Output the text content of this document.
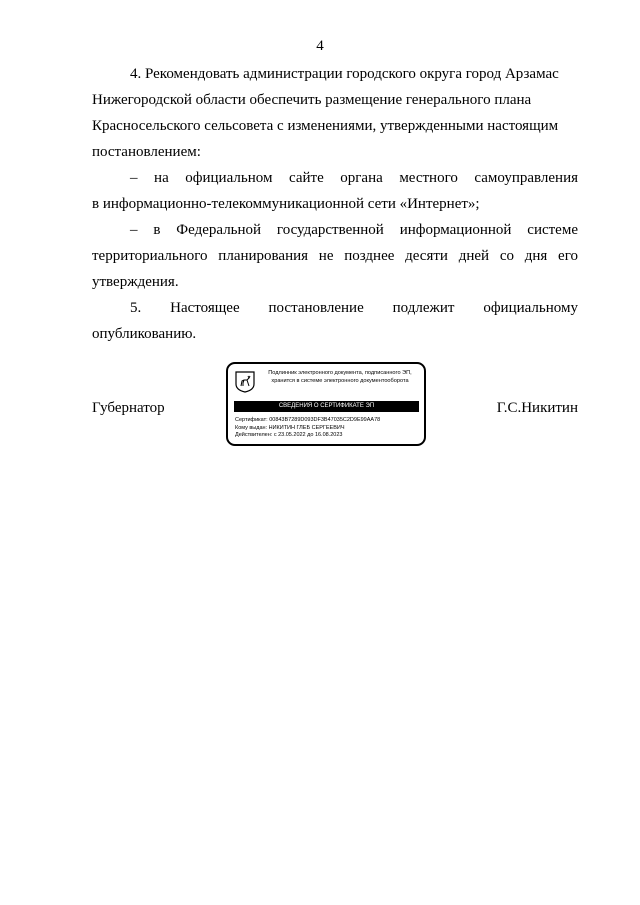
4

4. Рекомендовать администрации городского округа город Арзамас
Нижегородской области обеспечить размещение генерального плана
Красносельского сельсовета с изменениями, утвержденными настоящим
постановлением:

– на официальном сайте органа местного самоуправления
в информационно-телекоммуникационной сети «Интернет»;

– в Федеральной государственной информационной системе
территориального планирования не позднее десяти дней со дня его
утверждения.

5. Настоящее постановление подлежит официальному
опубликованию.

Губернатор
Подлинник электронного документа, подписанного ЭП,
хранится в системе электронного документооборота
СВЕДЕНИЯ О СЕРТИФИКАТЕ ЭП
Сертификат: 00843B7289D093DF3B47035C2D9E99AA78
Кому выдан: НИКИТИН ГЛЕБ СЕРГЕЕВИЧ
Действителен: с 23.05.2022 до 16.08.2023
Г.С.Никитин
